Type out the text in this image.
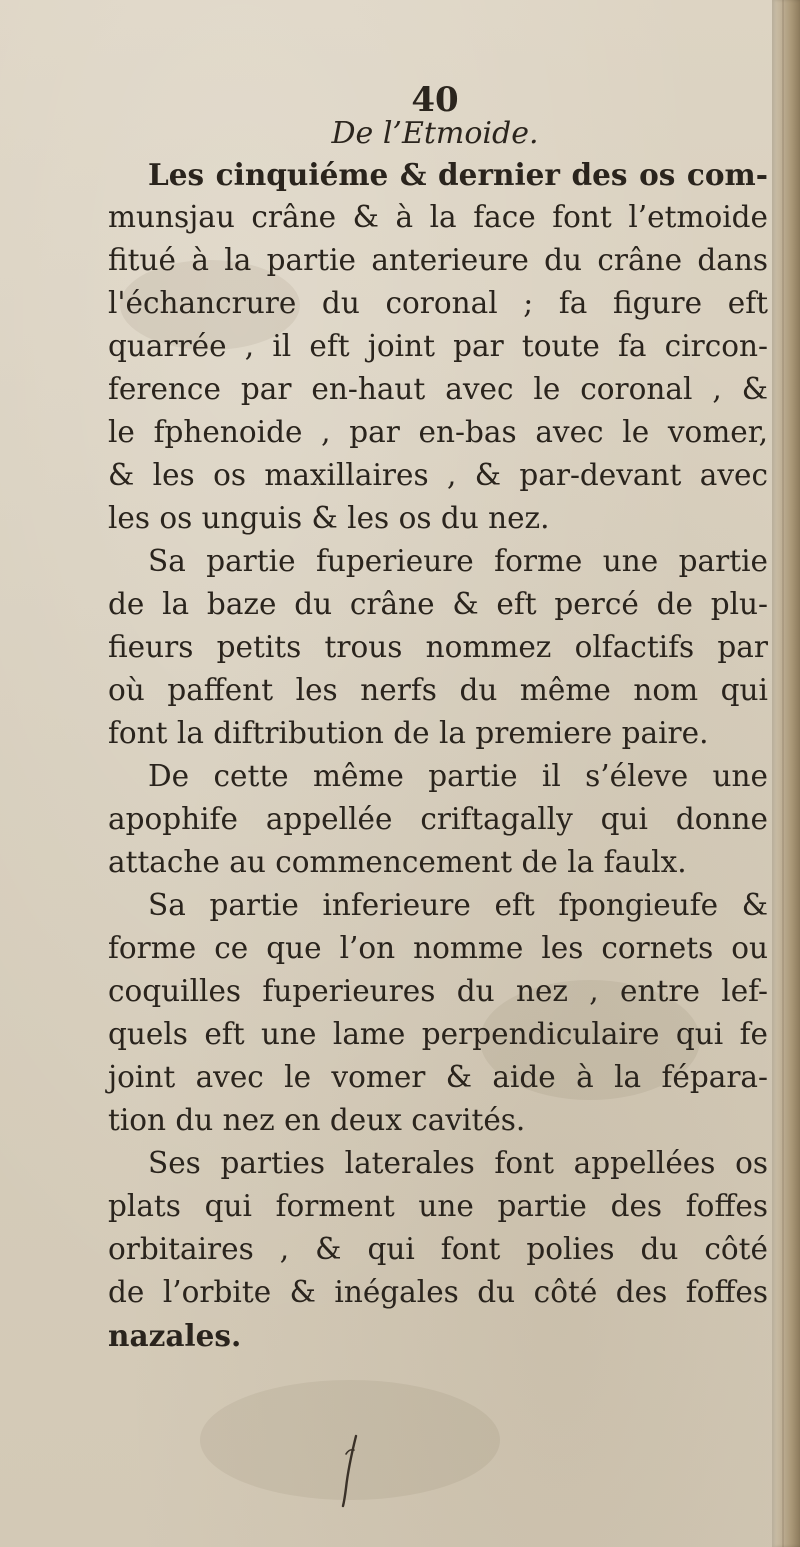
40
De l’Etmoide.
Les cinquiéme & dernier des os com-
munsjau crâne & à la face font l’etmoide
fitué à la partie anterieure du crâne dans
l'échancrure du coronal ; fa figure eft
quarrée , il eft joint par toute fa circon-
ference par en-haut avec le coronal , &
le fphenoide , par en-bas avec le vomer,
& les os maxillaires , & par-devant avec
les os unguis & les os du nez.
Sa partie fuperieure forme une partie
de la baze du crâne & eft percé de plu-
fieurs petits trous nommez olfactifs par
où paffent les nerfs du même nom qui
font la diftribution de la premiere paire.
De cette même partie il s’éleve une
apophife appellée criftagally qui donne
attache au commencement de la faulx.
Sa partie inferieure eft fpongieufe &
forme ce que l’on nomme les cornets ou
coquilles fuperieures du nez , entre lef-
quels eft une lame perpendiculaire qui fe
joint avec le vomer & aide à la fépara-
tion du nez en deux cavités.
Ses parties laterales font appellées os
plats qui forment une partie des foffes
orbitaires , & qui font polies du côté
de l’orbite & inégales du côté des foffes
nazales.
